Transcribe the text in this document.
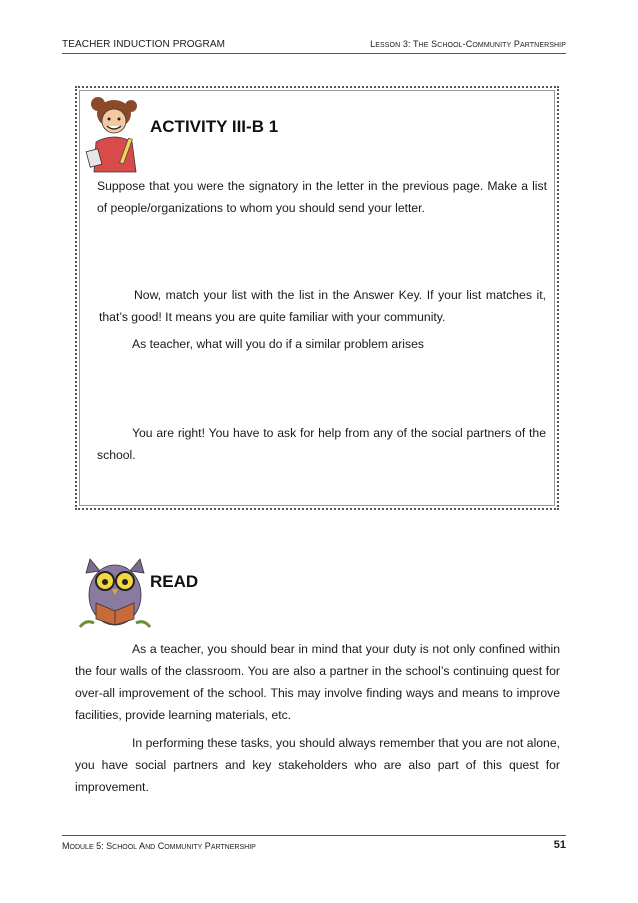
TEACHER INDUCTION PROGRAM	LESSON 3: THE SCHOOL-COMMUNITY PARTNERSHIP
ACTIVITY III-B 1
Suppose that you were the signatory in the letter in the previous page. Make a list of people/organizations to whom you should send your letter.
Now, match your list with the list in the Answer Key. If your list matches it, that’s good! It means you are quite familiar with your community.
As teacher, what will you do if a similar problem arises
You are right! You have to ask for help from any of the social partners of the school.
READ
As a teacher, you should bear in mind that your duty is not only confined within the four walls of the classroom. You are also a partner in the school’s continuing quest for over-all improvement of the school. This may involve finding ways and means to improve facilities, provide learning materials, etc.
In performing these tasks, you should always remember that you are not alone, you have social partners and key stakeholders who are also part of this quest for improvement.
MODULE 5: SCHOOL AND COMMUNITY PARTNERSHIP	51
